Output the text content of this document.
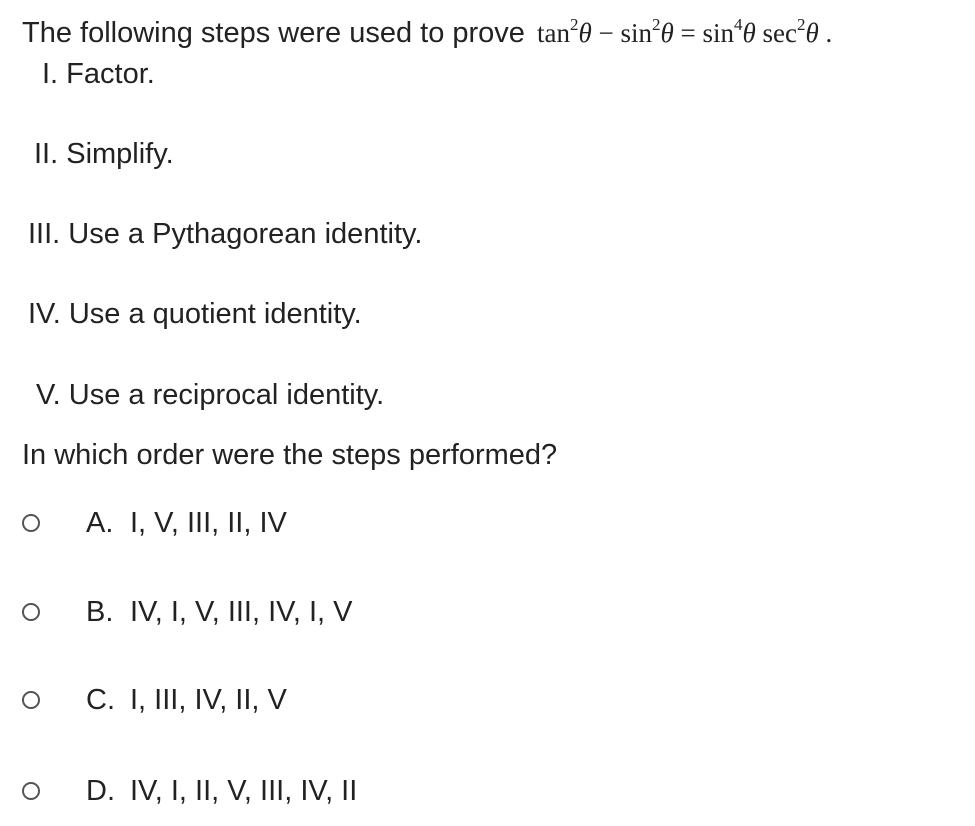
The following steps were used to prove $\tan^2\theta - \sin^2\theta = \sin^4\theta$ $\sec^2\theta$ .
I. Factor.
II. Simplify.
III. Use a Pythagorean identity.
IV. Use a quotient identity.
V. Use a reciprocal identity.
In which order were the steps performed?
A. I, V, III, II, IV
B. IV, I, V, III, IV, I, V
C. I, III, IV, II, V
D. IV, I, II, V, III, IV, II
